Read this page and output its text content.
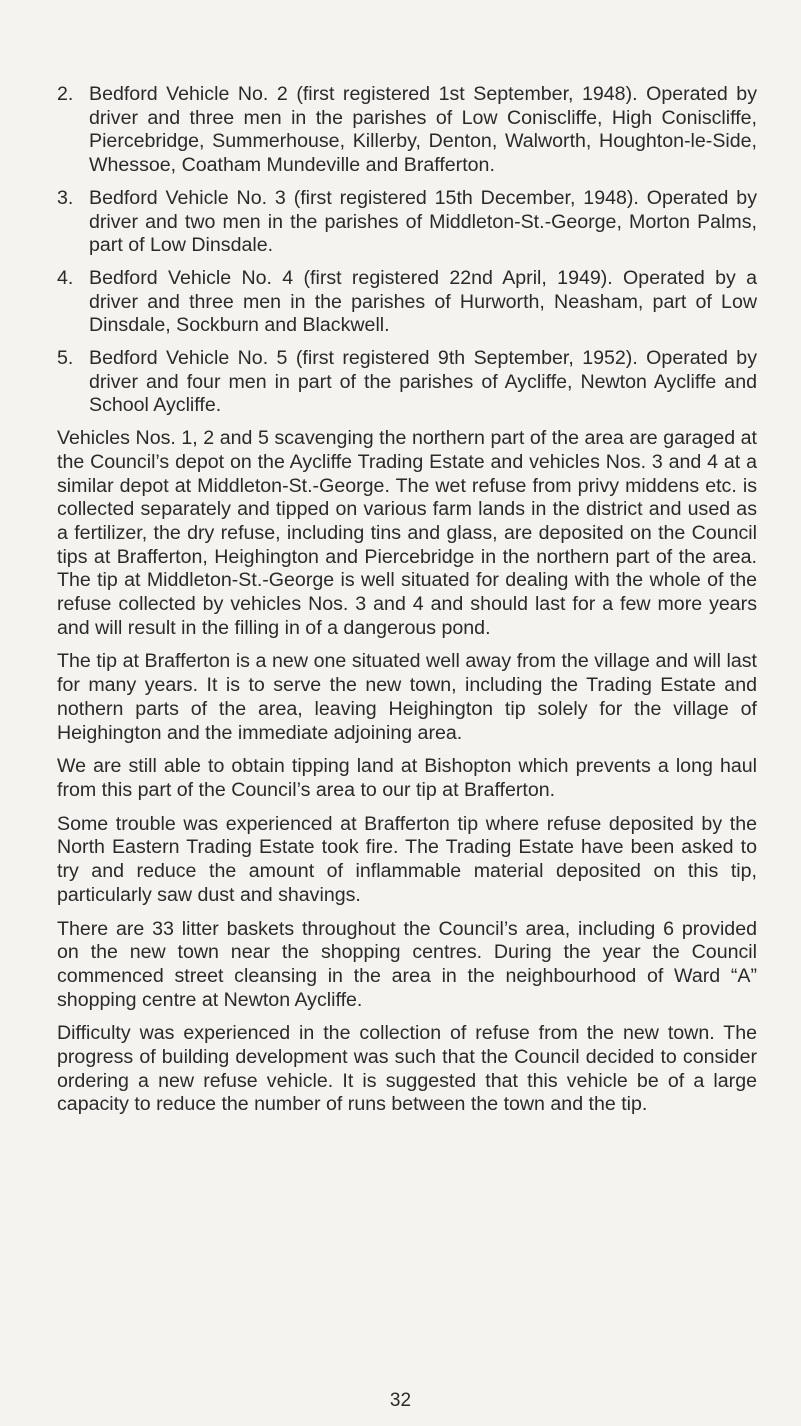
2. Bedford Vehicle No. 2 (first registered 1st September, 1948). Operated by driver and three men in the parishes of Low Coniscliffe, High Coniscliffe, Piercebridge, Summerhouse, Killerby, Denton, Walworth, Houghton-le-Side, Whessoe, Coatham Mundeville and Brafferton.
3. Bedford Vehicle No. 3 (first registered 15th December, 1948). Operated by driver and two men in the parishes of Middleton-St.-George, Morton Palms, part of Low Dinsdale.
4. Bedford Vehicle No. 4 (first registered 22nd April, 1949). Operated by a driver and three men in the parishes of Hurworth, Neasham, part of Low Dinsdale, Sockburn and Blackwell.
5. Bedford Vehicle No. 5 (first registered 9th September, 1952). Operated by driver and four men in part of the parishes of Aycliffe, Newton Aycliffe and School Aycliffe.

Vehicles Nos. 1, 2 and 5 scavenging the northern part of the area are garaged at the Council’s depot on the Aycliffe Trading Estate and vehicles Nos. 3 and 4 at a similar depot at Middleton-St.-George. The wet refuse from privy middens etc. is collected separately and tipped on various farm lands in the district and used as a fertilizer, the dry refuse, including tins and glass, are deposited on the Council tips at Brafferton, Heighington and Piercebridge in the northern part of the area. The tip at Middleton-St.-George is well situated for dealing with the whole of the refuse collected by vehicles Nos. 3 and 4 and should last for a few more years and will result in the filling in of a dangerous pond.

The tip at Brafferton is a new one situated well away from the village and will last for many years. It is to serve the new town, including the Trading Estate and nothern parts of the area, leaving Heighington tip solely for the village of Heighington and the immediate adjoining area.

We are still able to obtain tipping land at Bishopton which prevents a long haul from this part of the Council’s area to our tip at Brafferton.

Some trouble was experienced at Brafferton tip where refuse deposited by the North Eastern Trading Estate took fire. The Trading Estate have been asked to try and reduce the amount of inflammable material deposited on this tip, particularly saw dust and shavings.

There are 33 litter baskets throughout the Council’s area, including 6 provided on the new town near the shopping centres. During the year the Council commenced street cleansing in the area in the neighbourhood of Ward “A” shopping centre at Newton Aycliffe.

Difficulty was experienced in the collection of refuse from the new town. The progress of building development was such that the Council decided to consider ordering a new refuse vehicle. It is suggested that this vehicle be of a large capacity to reduce the number of runs between the town and the tip.

32
